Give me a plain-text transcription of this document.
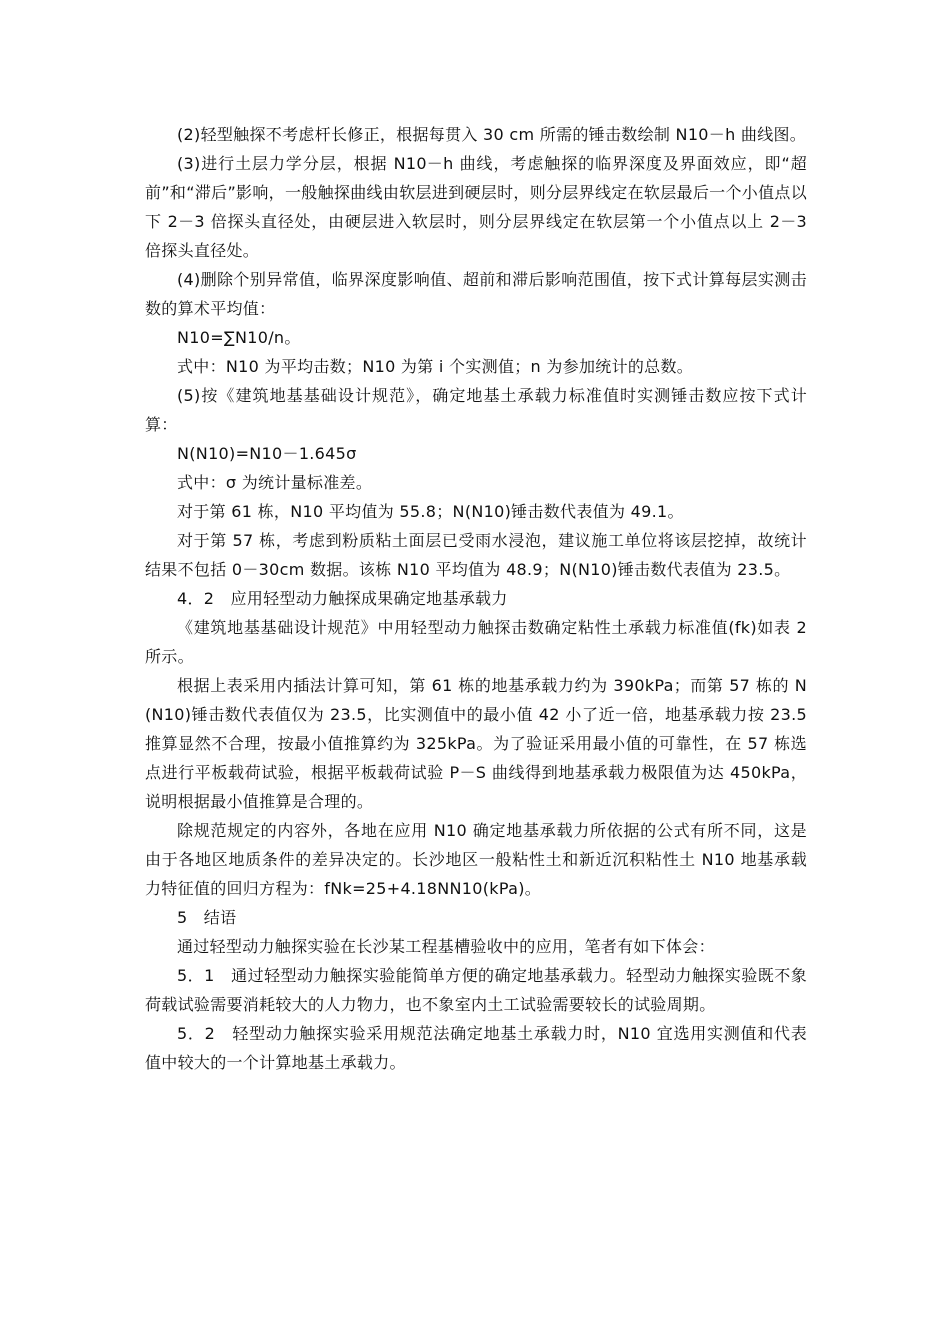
(2)轻型触探不考虑杆长修正，根据每贯入 30 cm 所需的锤击数绘制 N10－h 曲线图。

(3)进行土层力学分层，根据 N10－h 曲线，考虑触探的临界深度及界面效应，即“超前”和“滞后”影响，一般触探曲线由软层进到硬层时，则分层界线定在软层最后一个小值点以下 2－3 倍探头直径处，由硬层进入软层时，则分层界线定在软层第一个小值点以上 2－3 倍探头直径处。

(4)删除个别异常值，临界深度影响值、超前和滞后影响范围值，按下式计算每层实测击数的算术平均值：

N10=∑N10/n。

式中：N10 为平均击数；N10 为第 i 个实测值；n 为参加统计的总数。

(5)按《建筑地基基础设计规范》，确定地基土承载力标准值时实测锤击数应按下式计算：

N(N10)=N10－1.645σ

式中：σ 为统计量标准差。

对于第 61 栋，N10 平均值为 55.8；N(N10)锤击数代表值为 49.1。

对于第 57 栋，考虑到粉质粘土面层已受雨水浸泡，建议施工单位将该层挖掉，故统计结果不包括 0－30cm 数据。该栋 N10 平均值为 48.9；N(N10)锤击数代表值为 23.5。

4．2　应用轻型动力触探成果确定地基承载力

《建筑地基基础设计规范》中用轻型动力触探击数确定粘性土承载力标准值(fk)如表 2 所示。

根据上表采用内插法计算可知，第 61 栋的地基承载力约为 390kPa；而第 57 栋的 N(N10)锤击数代表值仅为 23.5，比实测值中的最小值 42 小了近一倍，地基承载力按 23.5 推算显然不合理，按最小值推算约为 325kPa。为了验证采用最小值的可靠性，在 57 栋选点进行平板载荷试验，根据平板载荷试验 P－S 曲线得到地基承载力极限值为达 450kPa，说明根据最小值推算是合理的。

除规范规定的内容外，各地在应用 N10 确定地基承载力所依据的公式有所不同，这是由于各地区地质条件的差异决定的。长沙地区一般粘性土和新近沉积粘性土 N10 地基承载力特征值的回归方程为：fNk=25+4.18NN10(kPa)。

5　结语

通过轻型动力触探实验在长沙某工程基槽验收中的应用，笔者有如下体会：

5．1　通过轻型动力触探实验能简单方便的确定地基承载力。轻型动力触探实验既不象荷载试验需要消耗较大的人力物力，也不象室内土工试验需要较长的试验周期。

5．2　轻型动力触探实验采用规范法确定地基土承载力时，N10 宜选用实测值和代表值中较大的一个计算地基土承载力。
